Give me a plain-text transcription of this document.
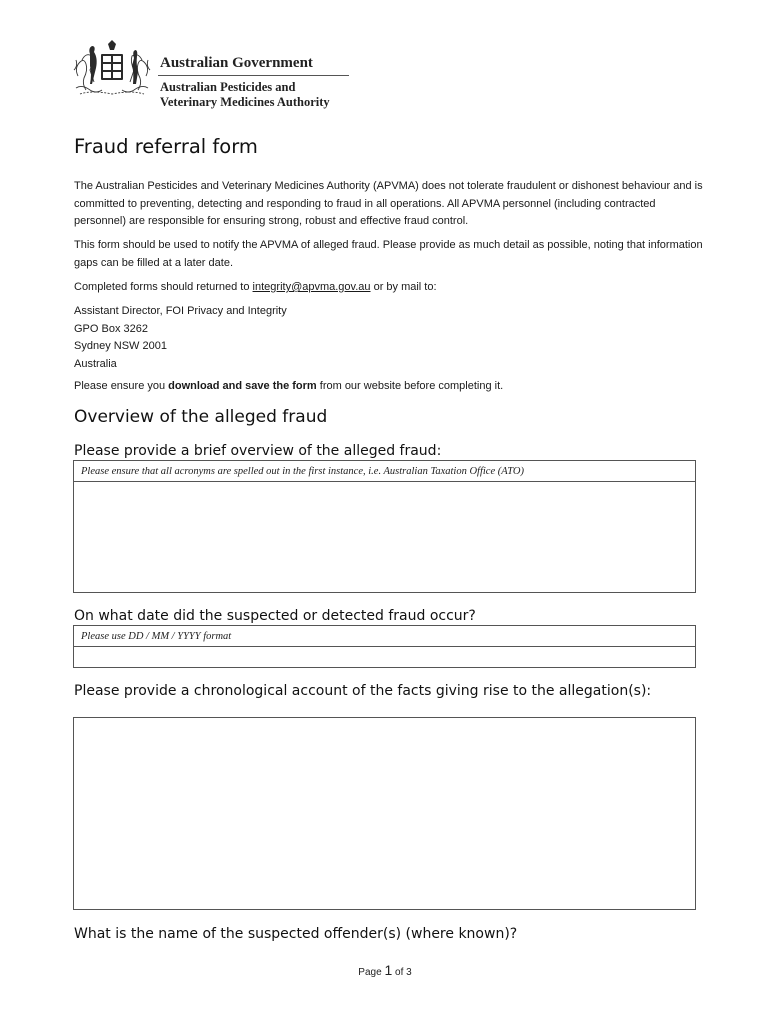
Australian Government
Australian Pesticides and
Veterinary Medicines Authority
Fraud referral form
The Australian Pesticides and Veterinary Medicines Authority (APVMA) does not tolerate fraudulent or dishonest behaviour and is committed to preventing, detecting and responding to fraud in all operations. All APVMA personnel (including contracted personnel) are responsible for ensuring strong, robust and effective fraud control.
This form should be used to notify the APVMA of alleged fraud. Please provide as much detail as possible, noting that information gaps can be filled at a later date.
Completed forms should returned to integrity@apvma.gov.au or by mail to:
Assistant Director, FOI Privacy and Integrity
GPO Box 3262
Sydney NSW 2001
Australia
Please ensure you download and save the form from our website before completing it.
Overview of the alleged fraud
Please provide a brief overview of the alleged fraud:
Please ensure that all acronyms are spelled out in the first instance, i.e. Australian Taxation Office (ATO)
On what date did the suspected or detected fraud occur?
Please use DD / MM / YYYY format
Please provide a chronological account of the facts giving rise to the allegation(s):
What is the name of the suspected offender(s) (where known)?
Page 1 of 3
